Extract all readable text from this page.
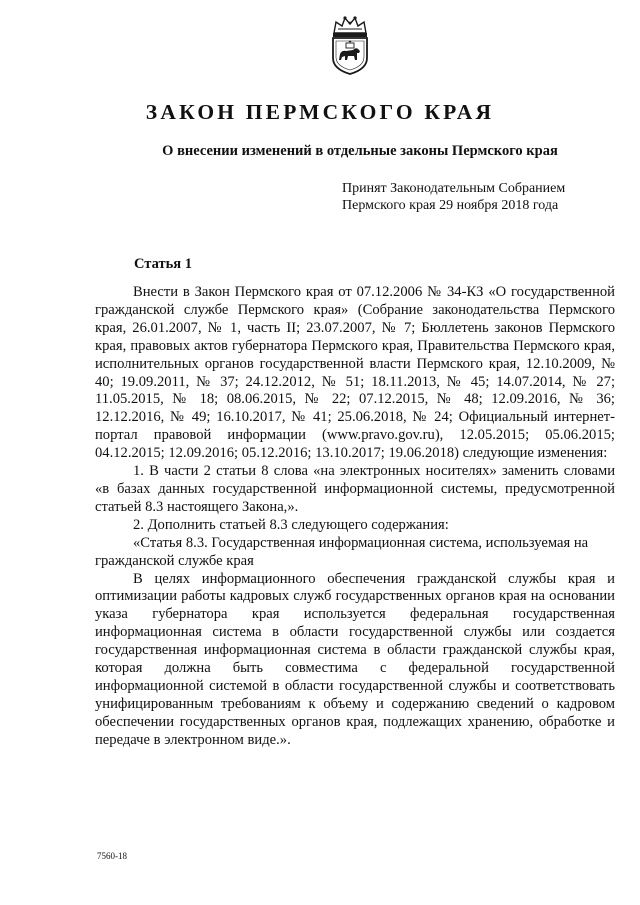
ЗАКОН ПЕРМСКОГО КРАЯ
О внесении изменений в отдельные законы Пермского края
Принят Законодательным Собранием
Пермского края 29 ноября 2018 года
Статья 1

Внести в Закон Пермского края от 07.12.2006 № 34-КЗ «О государственной гражданской службе Пермского края» (Собрание законодательства Пермского края, 26.01.2007, № 1, часть II; 23.07.2007, № 7; Бюллетень законов Пермского края, правовых актов губернатора Пермского края, Правительства Пермского края, исполнительных органов государственной власти Пермского края, 12.10.2009, № 40; 19.09.2011, № 37; 24.12.2012, № 51; 18.11.2013, № 45; 14.07.2014, № 27; 11.05.2015, № 18; 08.06.2015, № 22; 07.12.2015, № 48; 12.09.2016, № 36; 12.12.2016, № 49; 16.10.2017, № 41; 25.06.2018, № 24; Официальный интернет-портал правовой информации (www.pravo.gov.ru), 12.05.2015; 05.06.2015; 04.12.2015; 12.09.2016; 05.12.2016; 13.10.2017; 19.06.2018) следующие изменения:

1. В части 2 статьи 8 слова «на электронных носителях» заменить словами «в базах данных государственной информационной системы, предусмотренной статьей 8.3 настоящего Закона,».

2. Дополнить статьей 8.3 следующего содержания:

«Статья 8.3. Государственная информационная система, используемая на гражданской службе края

В целях информационного обеспечения гражданской службы края и оптимизации работы кадровых служб государственных органов края на основании указа губернатора края используется федеральная государственная информационная система в области государственной службы или создается государственная информационная система в области гражданской службы края, которая должна быть совместима с федеральной государственной информационной системой в области государственной службы и соответствовать унифицированным требованиям к объему и содержанию сведений о кадровом обеспечении государственных органов края, подлежащих хранению, обработке и передаче в электронном виде.».

7560-18
